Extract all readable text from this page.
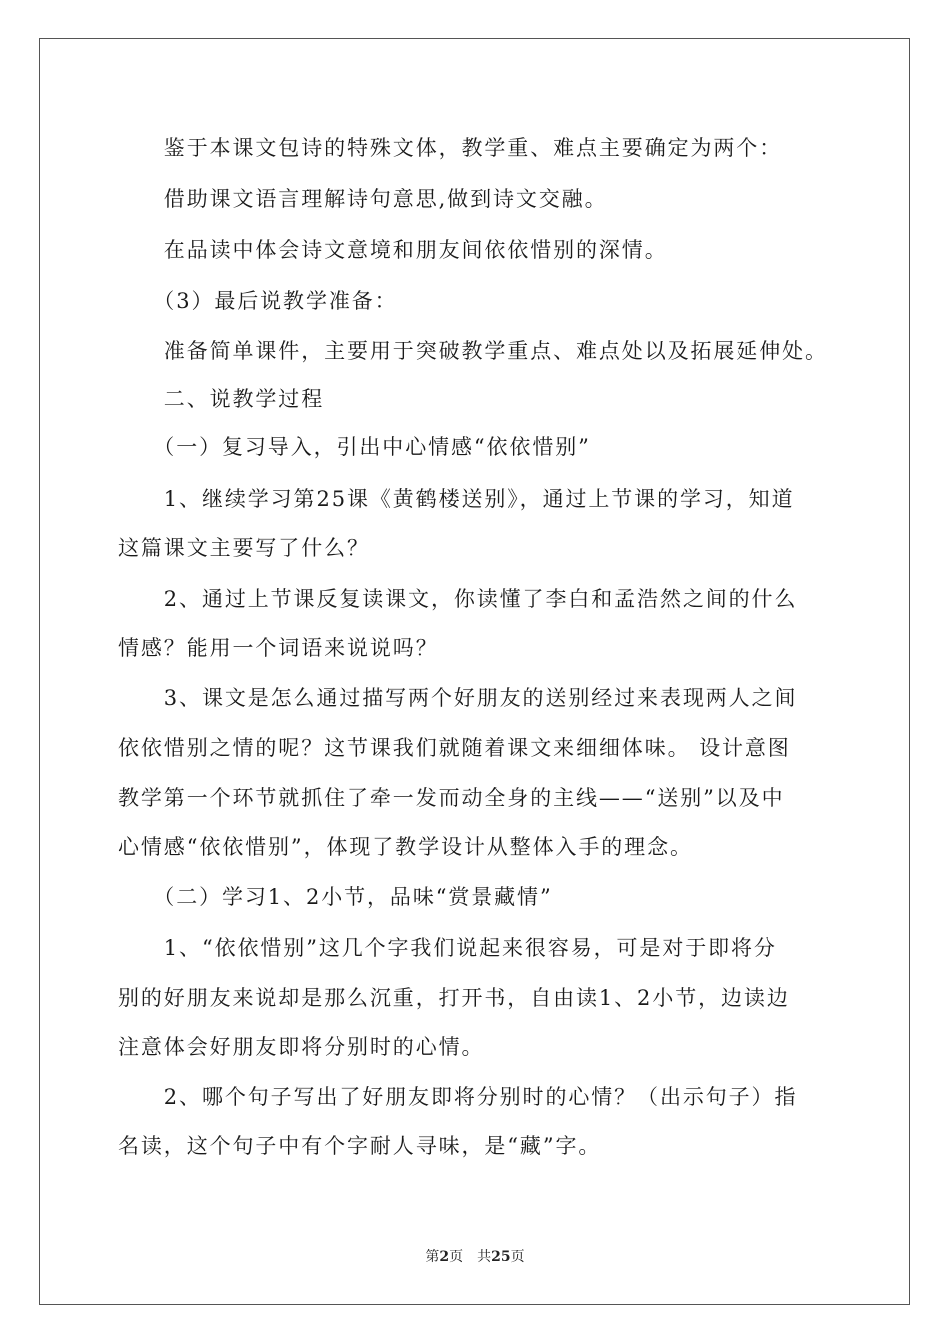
　　鉴于本课文包诗的特殊文体，教学重、难点主要确定为两个：
　　借助课文语言理解诗句意思,做到诗文交融。
　　在品读中体会诗文意境和朋友间依依惜别的深情。
　　（3）最后说教学准备：
　　准备简单课件，主要用于突破教学重点、难点处以及拓展延伸处。
　　二、说教学过程
　　（一）复习导入，引出中心情感“依依惜别”
　　1、继续学习第25课《黄鹤楼送别》，通过上节课的学习，知道
这篇课文主要写了什么？
　　2、通过上节课反复读课文，你读懂了李白和孟浩然之间的什么
情感？能用一个词语来说说吗？
　　3、课文是怎么通过描写两个好朋友的送别经过来表现两人之间
依依惜别之情的呢？这节课我们就随着课文来细细体味。 设计意图
教学第一个环节就抓住了牵一发而动全身的主线——“送别”以及中
心情感“依依惜别”，体现了教学设计从整体入手的理念。
　　（二）学习1、2小节，品味“赏景藏情”
　　1、“依依惜别”这几个字我们说起来很容易，可是对于即将分
别的好朋友来说却是那么沉重，打开书，自由读1、2小节，边读边
注意体会好朋友即将分别时的心情。
　　2、哪个句子写出了好朋友即将分别时的心情？（出示句子）指
名读，这个句子中有个字耐人寻味，是“藏”字。
第2页　共25页
